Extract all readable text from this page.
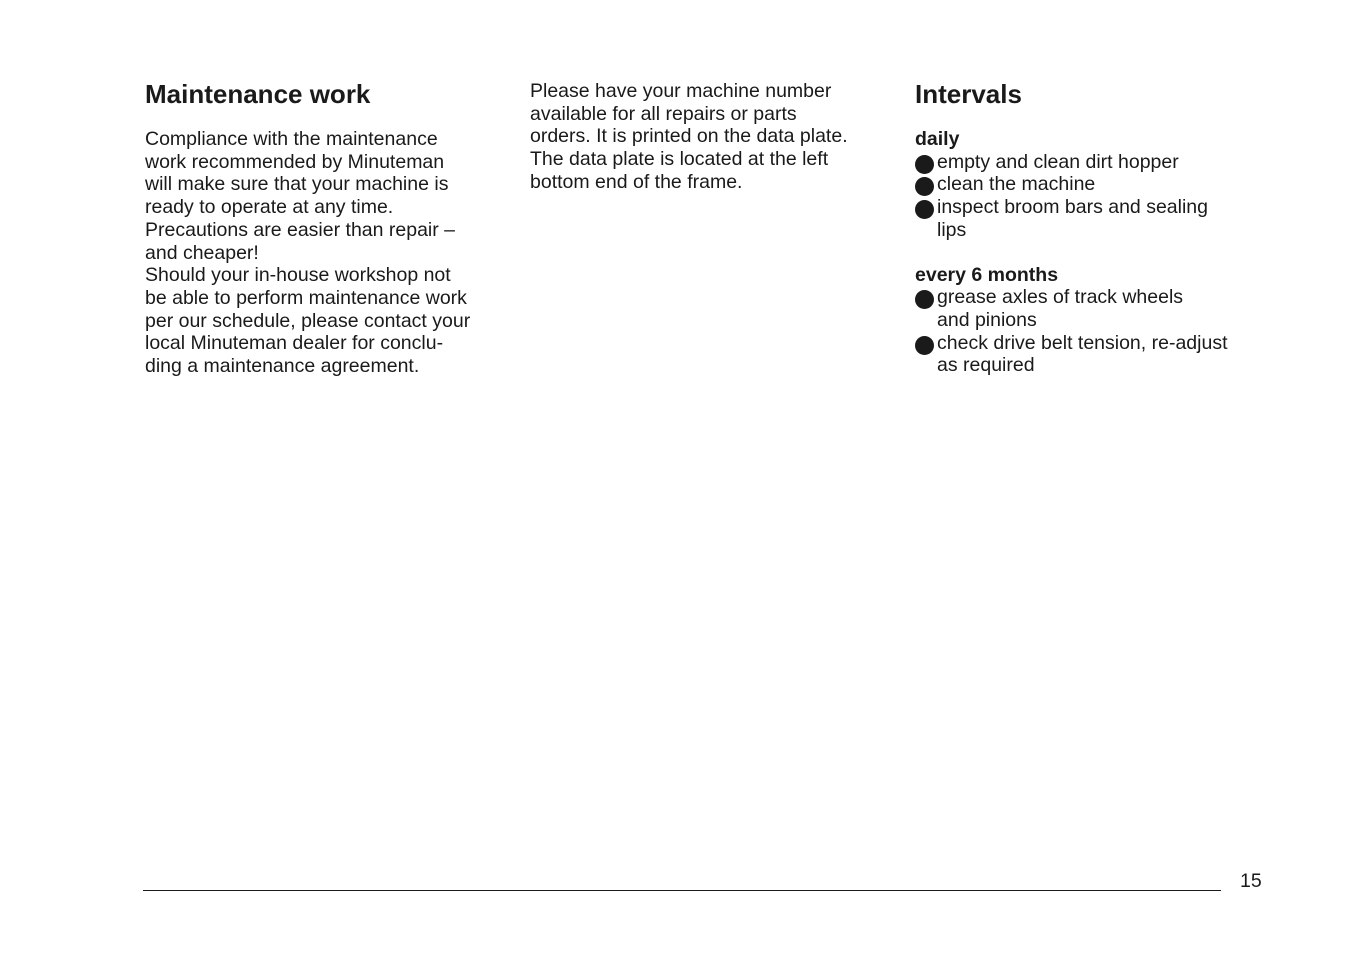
Maintenance work
Compliance with the maintenance
work recommended by Minuteman
will make sure that your machine is
ready to operate at any time.
Precautions are easier than repair –
and cheaper!
Should your in-house workshop not
be able to perform maintenance work
per our schedule, please contact your
local Minuteman dealer for conclu-
ding a maintenance agreement.
Please have your machine number
available for all repairs or parts
orders. It is printed on the data plate.
The data plate is located at the left
bottom end of the frame.
Intervals
daily
empty and clean dirt hopper
clean the machine
inspect broom bars and sealing
lips
every 6 months
grease axles of track wheels
and pinions
check drive belt tension, re-adjust
as required
15
